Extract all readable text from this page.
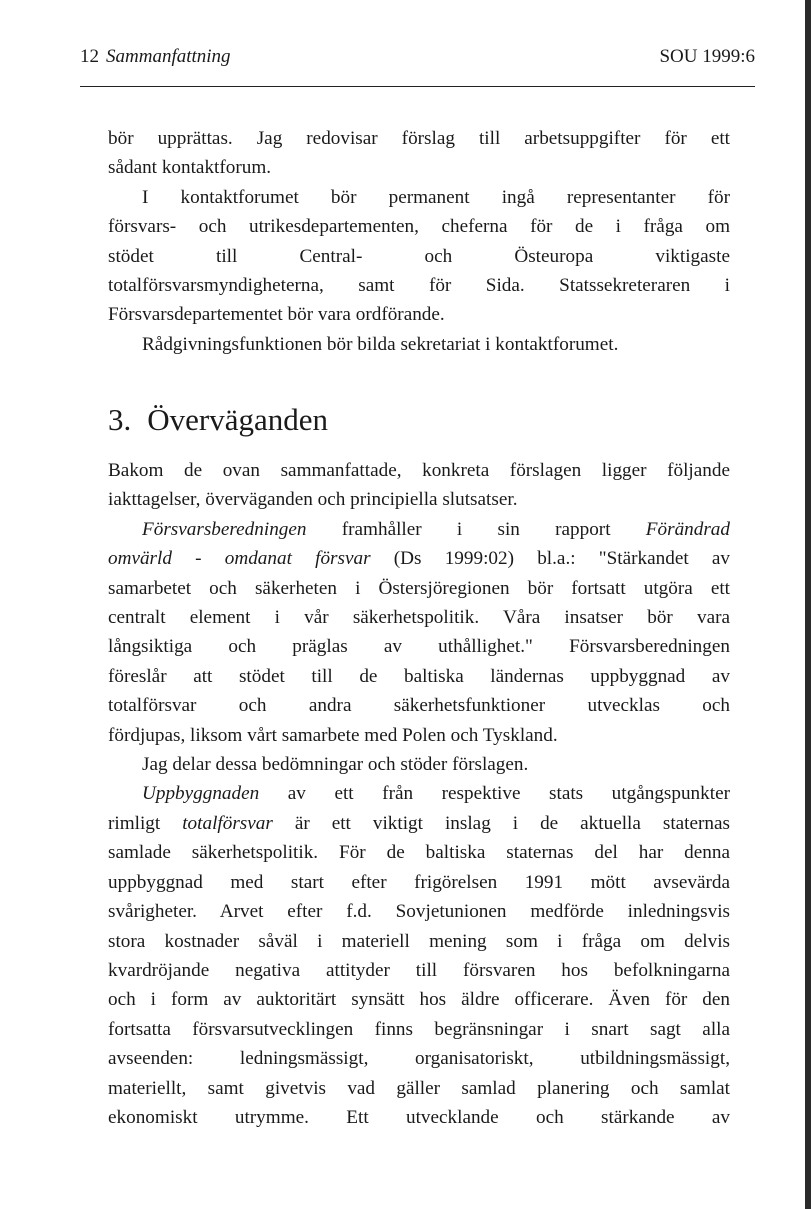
12 Sammanfattning	SOU 1999:6
bör upprättas. Jag redovisar förslag till arbetsuppgifter för ett
sådant kontaktforum.
I kontaktforumet bör permanent ingå representanter för
försvars- och utrikesdepartementen, cheferna för de i fråga om
stödet till Central- och Östeuropa viktigaste
totalförsvarsmyndigheterna, samt för Sida. Statssekreteraren i
Försvarsdepartementet bör vara ordförande.
Rådgivningsfunktionen bör bilda sekretariat i kontaktforumet.
3. Överväganden
Bakom de ovan sammanfattade, konkreta förslagen ligger följande
iakttagelser, överväganden och principiella slutsatser.
Försvarsberedningen framhåller i sin rapport Förändrad
omvärld - omdanat försvar (Ds 1999:02) bl.a.: "Stärkandet av
samarbetet och säkerheten i Östersjöregionen bör fortsatt utgöra ett
centralt element i vår säkerhetspolitik. Våra insatser bör vara
långsiktiga och präglas av uthållighet." Försvarsberedningen
föreslår att stödet till de baltiska ländernas uppbyggnad av
totalförsvar och andra säkerhetsfunktioner utvecklas och
fördjupas, liksom vårt samarbete med Polen och Tyskland.
Jag delar dessa bedömningar och stöder förslagen.
Uppbyggnaden av ett från respektive stats utgångspunkter
rimligt totalförsvar är ett viktigt inslag i de aktuella staternas
samlade säkerhetspolitik. För de baltiska staternas del har denna
uppbyggnad med start efter frigörelsen 1991 mött avsevärda
svårigheter. Arvet efter f.d. Sovjetunionen medförde inledningsvis
stora kostnader såväl i materiell mening som i fråga om delvis
kvardröjande negativa attityder till försvaren hos befolkningarna
och i form av auktoritärt synsätt hos äldre officerare. Även för den
fortsatta försvarsutvecklingen finns begränsningar i snart sagt alla
avseenden: ledningsmässigt, organisatoriskt, utbildningsmässigt,
materiellt, samt givetvis vad gäller samlad planering och samlat
ekonomiskt utrymme. Ett utvecklande och stärkande av
